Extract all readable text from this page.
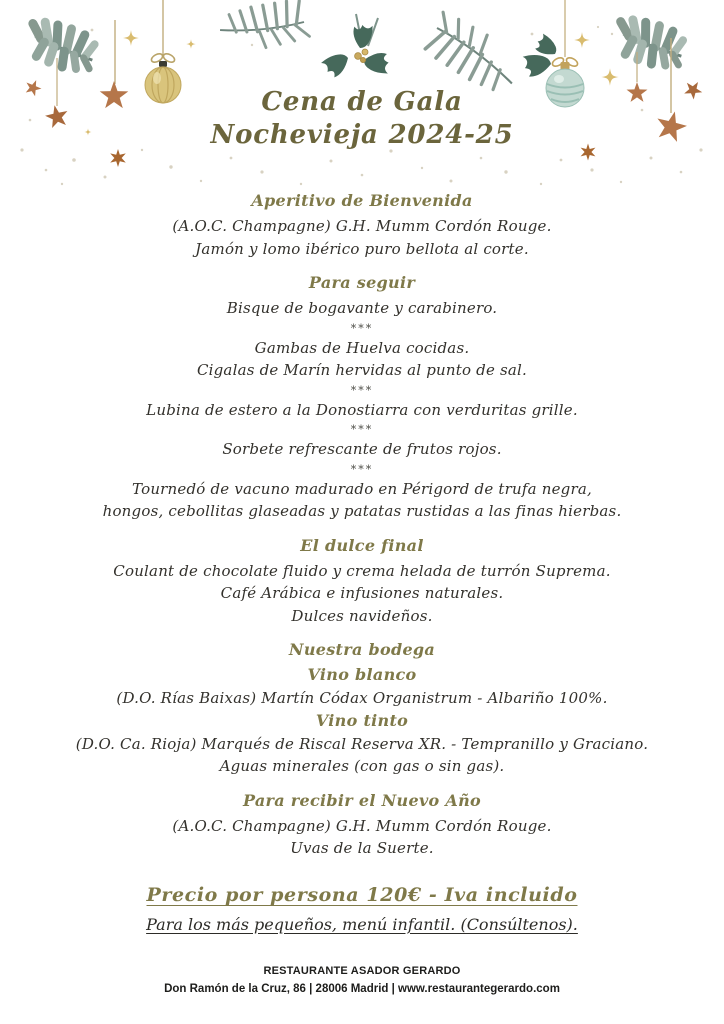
Cena de Gala
Nochevieja 2024-25
Aperitivo de Bienvenida
(A.O.C. Champagne) G.H. Mumm Cordón Rouge.
Jamón y lomo ibérico puro bellota al corte.
Para seguir
Bisque de bogavante y carabinero.
***
Gambas de Huelva cocidas.
Cigalas de Marín hervidas al punto de sal.
***
Lubina de estero a la Donostiarra con verduritas grille.
***
Sorbete refrescante de frutos rojos.
***
Tournedó de vacuno madurado en Périgord de trufa negra,
hongos, cebollitas glaseadas y patatas rustidas a las finas hierbas.
El dulce final
Coulant de chocolate fluido y crema helada de turrón Suprema.
Café Arábica e infusiones naturales.
Dulces navideños.
Nuestra bodega
Vino blanco
(D.O. Rías Baixas) Martín Códax Organistrum - Albariño 100%.
Vino tinto
(D.O. Ca. Rioja) Marqués de Riscal Reserva XR. - Tempranillo y Graciano.
Aguas minerales (con gas o sin gas).
Para recibir el Nuevo Año
(A.O.C. Champagne) G.H. Mumm Cordón Rouge.
Uvas de la Suerte.
Precio por persona 120€ - Iva incluido
Para los más pequeños, menú infantil. (Consúltenos).
RESTAURANTE ASADOR GERARDO
Don Ramón de la Cruz, 86 | 28006 Madrid | www.restaurantegerardo.com
